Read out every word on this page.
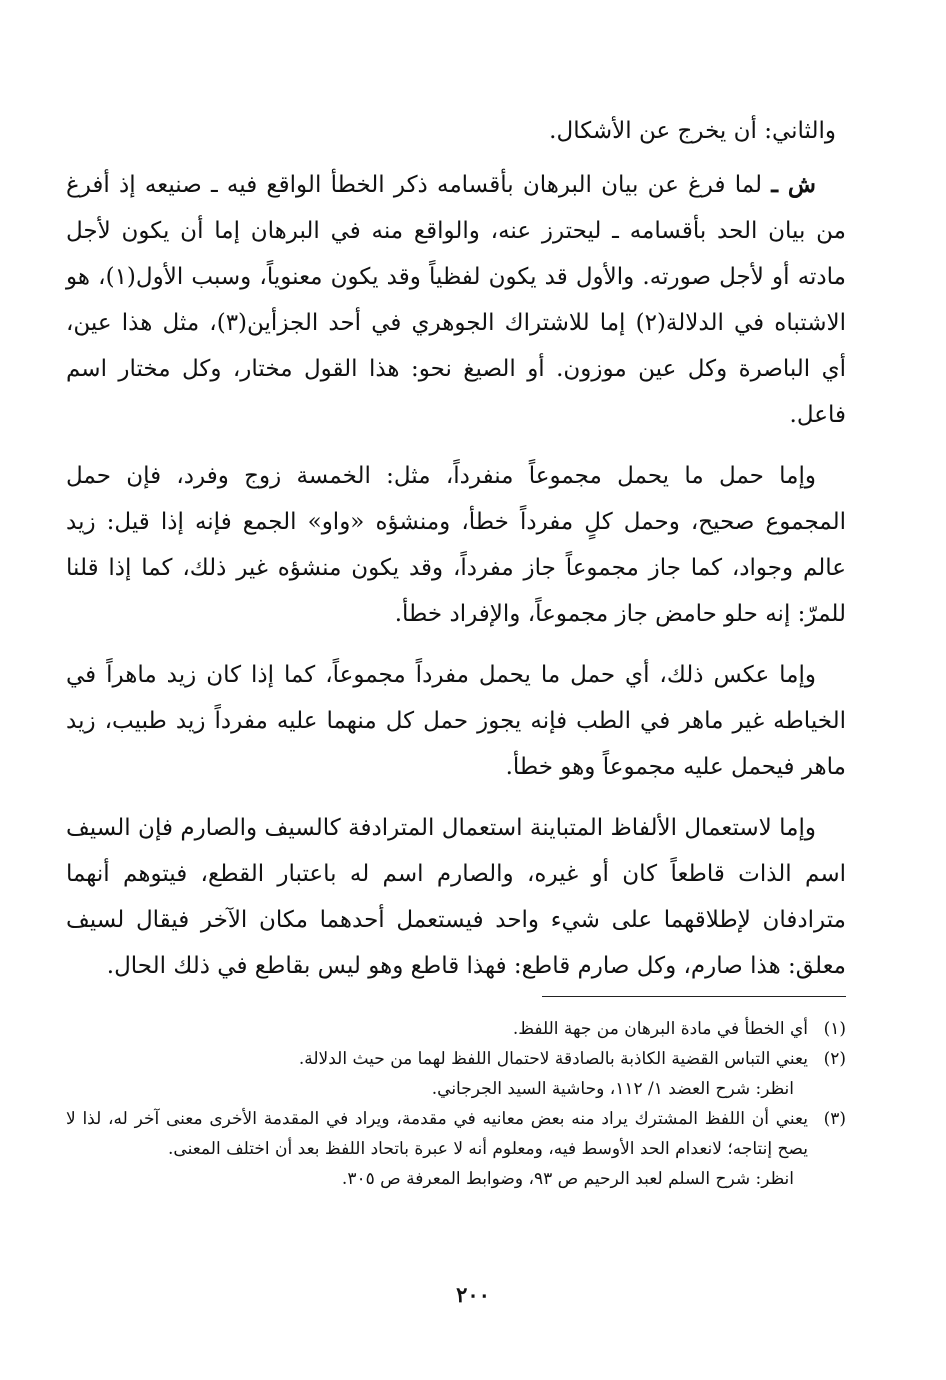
والثاني: أن يخرج عن الأشكال.

ش ـ لما فرغ عن بيان البرهان بأقسامه ذكر الخطأ الواقع فيه ـ صنيعه إذ أفرغ من بيان الحد بأقسامه ـ ليحترز عنه، والواقع منه في البرهان إما أن يكون لأجل مادته أو لأجل صورته. والأول قد يكون لفظياً وقد يكون معنوياً، وسبب الأول(١)، هو الاشتباه في الدلالة(٢) إما للاشتراك الجوهري في أحد الجزأين(٣)، مثل هذا عين، أي الباصرة وكل عين موزون. أو الصيغ نحو: هذا القول مختار، وكل مختار اسم فاعل.

وإما حمل ما يحمل مجموعاً منفرداً، مثل: الخمسة زوج وفرد، فإن حمل المجموع صحيح، وحمل كلٍ مفرداً خطأ، ومنشؤه «واو» الجمع فإنه إذا قيل: زيد عالم وجواد، كما جاز مجموعاً جاز مفرداً، وقد يكون منشؤه غير ذلك، كما إذا قلنا للمرّ: إنه حلو حامض جاز مجموعاً، والإفراد خطأ.

وإما عكس ذلك، أي حمل ما يحمل مفرداً مجموعاً، كما إذا كان زيد ماهراً في الخياطه غير ماهر في الطب فإنه يجوز حمل كل منهما عليه مفرداً زيد طبيب، زيد ماهر فيحمل عليه مجموعاً وهو خطأ.

وإما لاستعمال الألفاظ المتباينة استعمال المترادفة كالسيف والصارم فإن السيف اسم الذات قاطعاً كان أو غيره، والصارم اسم له باعتبار القطع، فيتوهم أنهما مترادفان لإطلاقهما على شيء واحد فيستعمل أحدهما مكان الآخر فيقال لسيف معلق: هذا صارم، وكل صارم قاطع: فهذا قاطع وهو ليس بقاطع في ذلك الحال.

(١)
أي الخطأ في مادة البرهان من جهة اللفظ.
(٢)
يعني التباس القضية الكاذبة بالصادقة لاحتمال اللفظ لهما من حيث الدلالة.
انظر: شرح العضد ١/ ١١٢، وحاشية السيد الجرجاني.
(٣)
يعني أن اللفظ المشترك يراد منه بعض معانيه في مقدمة، ويراد في المقدمة الأخرى معنى آخر له، لذا لا يصح إنتاجه؛ لانعدام الحد الأوسط فيه، ومعلوم أنه لا عبرة باتحاد اللفظ بعد أن اختلف المعنى.
انظر: شرح السلم لعبد الرحيم ص ٩٣، وضوابط المعرفة ص ٣٠٥.
٢٠٠
